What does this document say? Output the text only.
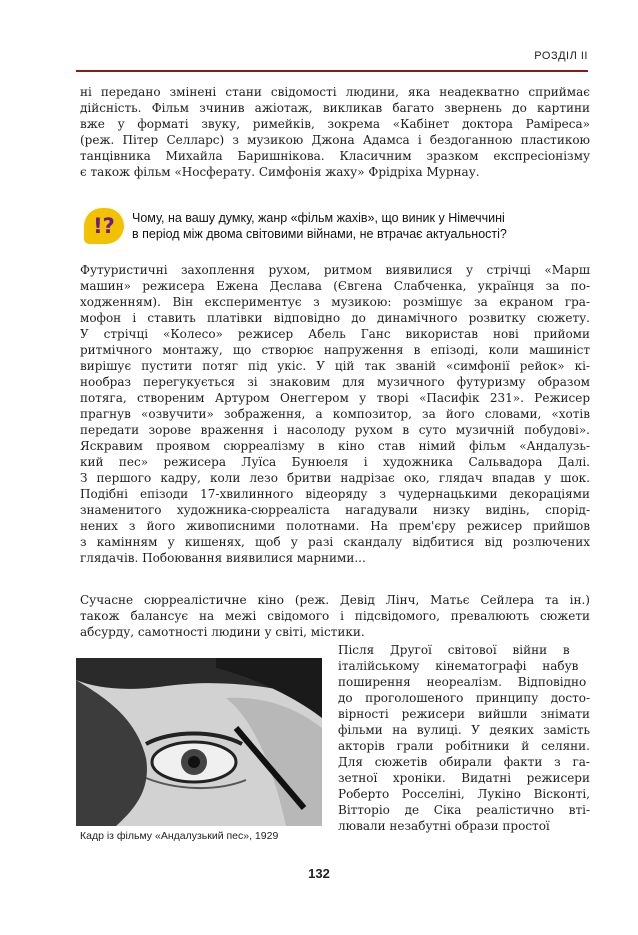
РОЗДІЛ ІІ
ні передано змінені стани свідомості людини, яка неадекватно сприймає
дійсність. Фільм зчинив ажіотаж, викликав багато звернень до картини
вже у форматі звуку, римейків, зокрема «Кабінет доктора Раміреса»
(реж. Пітер Селларс) з музикою Джона Адамса і бездоганною пластикою
танцівника Михайла Баришнікова. Класичним зразком експресіонізму
є також фільм «Носферату. Симфонія жаху» Фрідріха Мурнау.
!? Чому, на вашу думку, жанр «фільм жахів», що виник у Німеччині
в період між двома світовими війнами, не втрачає актуальності?
Футуристичні захоплення рухом, ритмом виявилися у стрічці «Марш
машин» режисера Ежена Деслава (Євгена Слабченка, українця за по-
ходженням). Він експериментує з музикою: розмішує за екраном гра-
мофон і ставить платівки відповідно до динамічного розвитку сюжету.
У стрічці «Колесо» режисер Абель Ганс використав нові прийоми
ритмічного монтажу, що створює напруження в епізоді, коли машиніст
вирішує пустити потяг під укіс. У цій так званій «симфонії рейок» кі-
нообраз перегукується зі знаковим для музичного футуризму образом
потяга, створеним Артуром Онеггером у творі «Пасифік 231». Режисер
прагнув «озвучити» зображення, а композитор, за його словами, «хотів
передати зорове враження і насолоду рухом в суто музичній побудові».
Яскравим проявом сюрреалізму в кіно став німий фільм «Андалузь-
кий пес» режисера Луїса Бунюеля і художника Сальвадора Далі.
З першого кадру, коли лезо бритви надрізає око, глядач впадав у шок.
Подібні епізоди 17-хвилинного відеоряду з чудернацькими декораціями
знаменитого художника-сюрреаліста нагадували низку видінь, спорід-
нених з його живописними полотнами. На прем'єру режисер прийшов
з камінням у кишенях, щоб у разі скандалу відбитися від розлючених
глядачів. Побоювання виявилися марними...
Сучасне сюрреалістичне кіно (реж. Девід Лінч, Матьє Сейлера та ін.)
також балансує на межі свідомого і підсвідомого, превалюють сюжети
абсурду, самотності людини у світі, містики.
Кадр із фільму «Андалузький пес», 1929
Після Другої світової війни в
італійському кінематографі набув
поширення неореалізм. Відповідно
до проголошеного принципу досто-
вірності режисери вийшли знімати
фільми на вулиці. У деяких замість
акторів грали робітники й селяни.
Для сюжетів обирали факти з га-
зетної хроніки. Видатні режисери
Роберто Росселіні, Лукіно Вісконті,
Вітторіо де Сіка реалістично вті-
лювали незабутні образи простої
132
